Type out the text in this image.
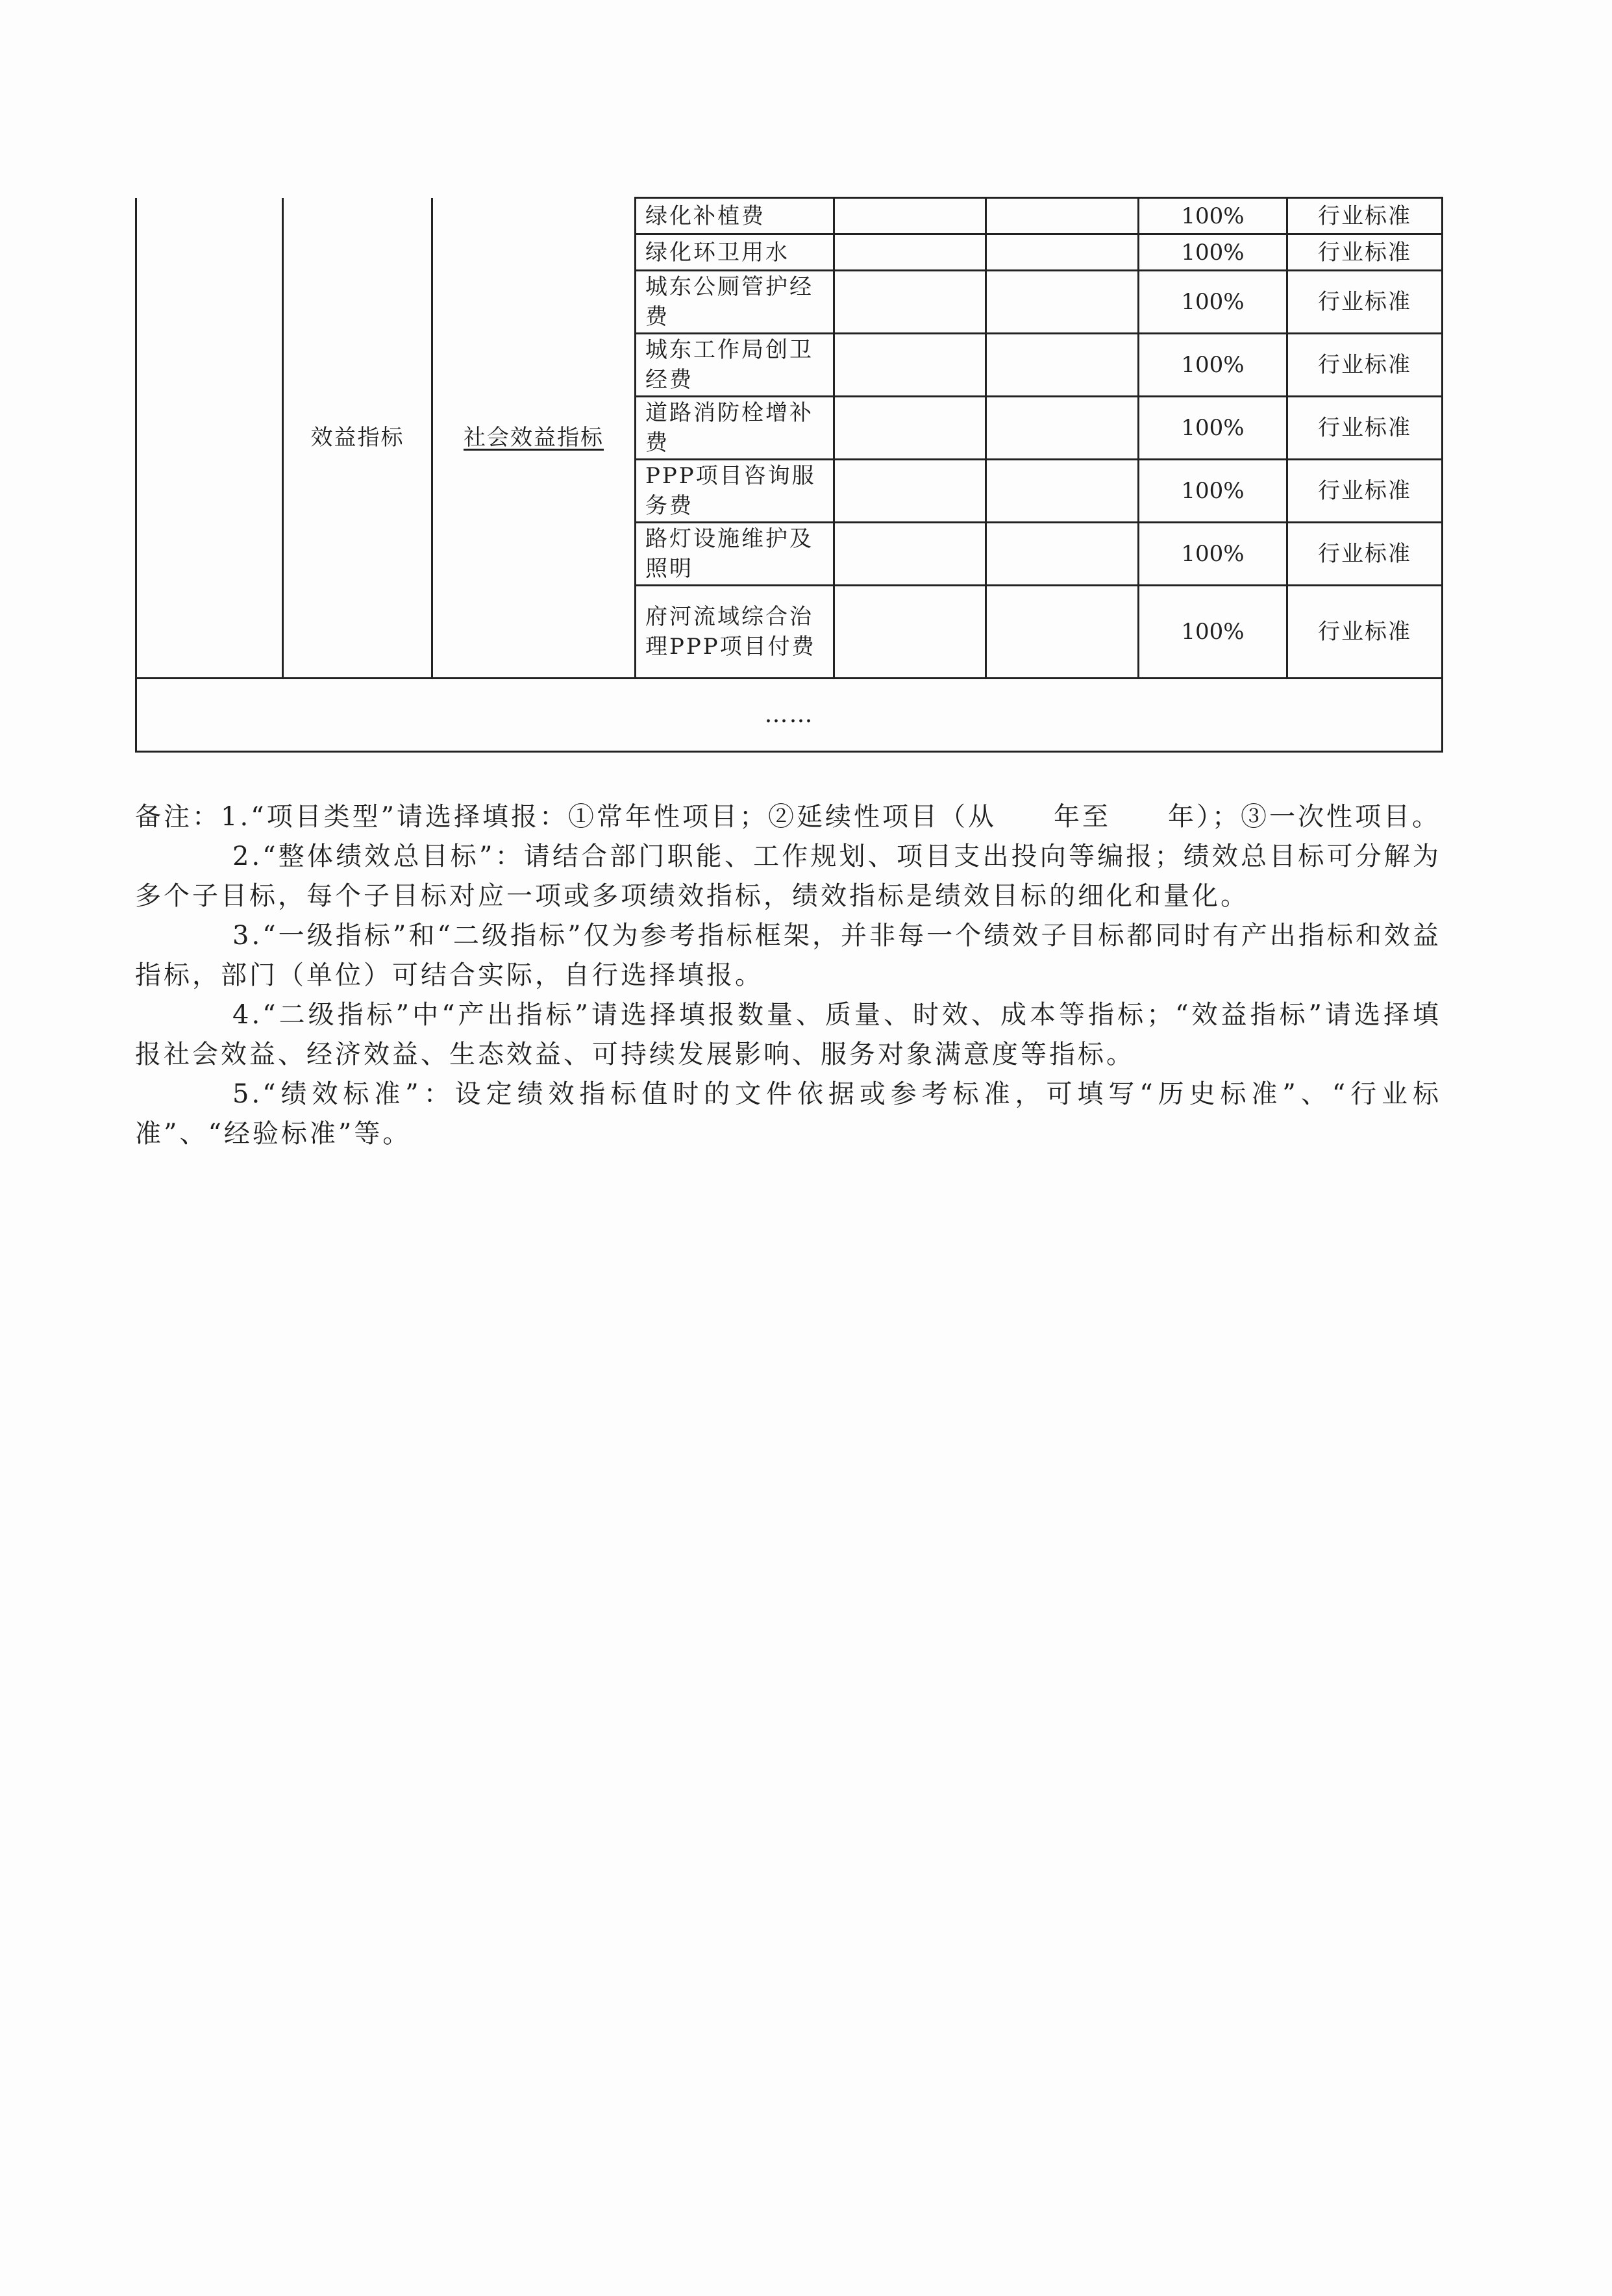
	效益指标	社会效益指标	绿化补植费			100%	行业标准
			绿化环卫用水			100%	行业标准
			城东公厕管护经费			100%	行业标准
			城东工作局创卫经费			100%	行业标准
			道路消防栓增补费			100%	行业标准
			PPP项目咨询服务费			100%	行业标准
			路灯设施维护及照明			100%	行业标准
			府河流域综合治理PPP项目付费			100%	行业标准
……							

备注：1.“项目类型”请选择填报：①常年性项目；②延续性项目（从　　年至　　年）；③一次性项目。

2.“整体绩效总目标”：请结合部门职能、工作规划、项目支出投向等编报；绩效总目标可分解为多个子目标，每个子目标对应一项或多项绩效指标，绩效指标是绩效目标的细化和量化。

3.“一级指标”和“二级指标”仅为参考指标框架，并非每一个绩效子目标都同时有产出指标和效益指标，部门（单位）可结合实际，自行选择填报。

4.“二级指标”中“产出指标”请选择填报数量、质量、时效、成本等指标；“效益指标”请选择填报社会效益、经济效益、生态效益、可持续发展影响、服务对象满意度等指标。

5.“绩效标准”：设定绩效指标值时的文件依据或参考标准，可填写“历史标准”、“行业标准”、“经验标准”等。
